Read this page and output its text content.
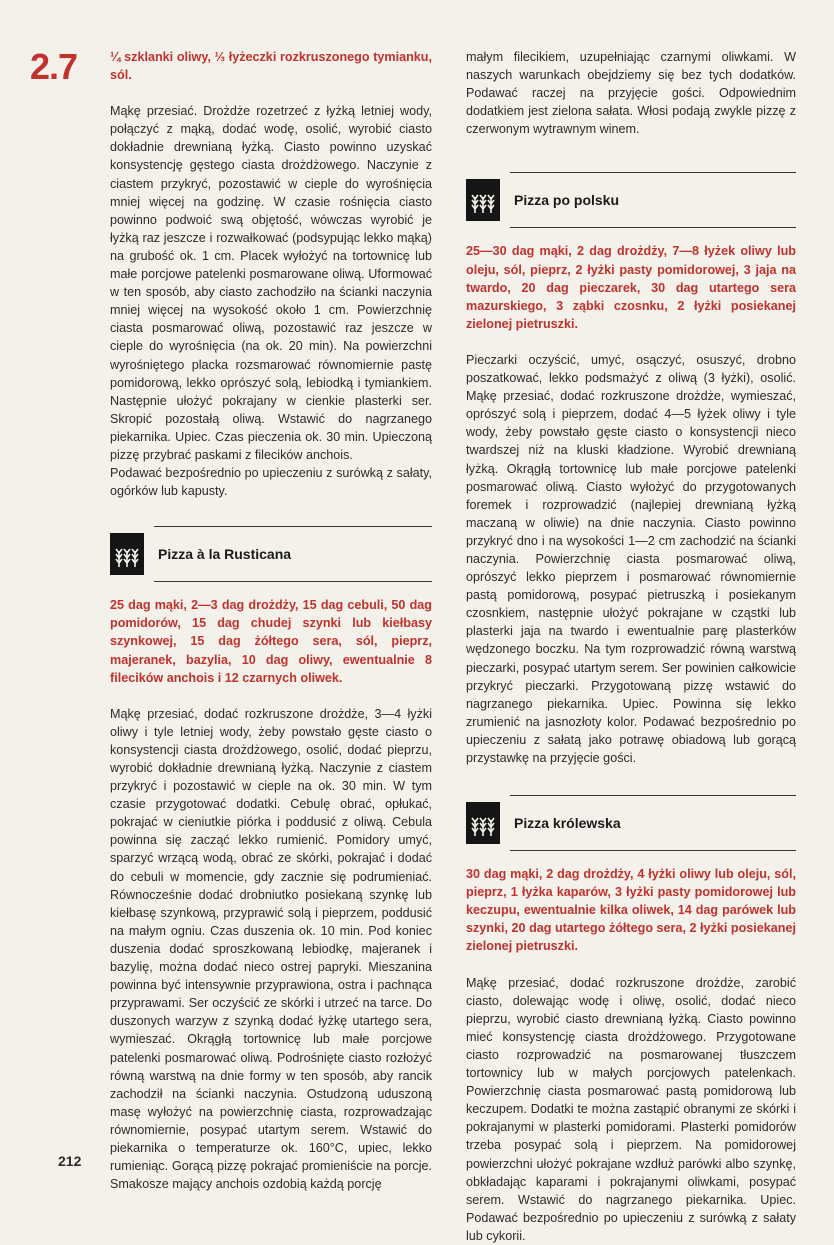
2.7
212

¼ szklanki oliwy, ⅓ łyżeczki rozkruszonego tymianku, sól.

Mąkę przesiać. Drożdże rozetrzeć z łyżką letniej wody, połączyć z mąką, dodać wodę, osolić, wyrobić ciasto dokładnie drewnianą łyżką. Ciasto powinno uzyskać konsystencję gęstego ciasta drożdżowego. Naczynie z ciastem przykryć, pozostawić w cieple do wyrośnięcia mniej więcej na godzinę. W czasie rośnięcia ciasto powinno podwoić swą objętość, wówczas wyrobić je łyżką raz jeszcze i rozwałkować (podsypując lekko mąką) na grubość ok. 1 cm. Placek wyłożyć na tortownicę lub małe porcjowe patelenki posmarowane oliwą. Uformować w ten sposób, aby ciasto zachodziło na ścianki naczynia mniej więcej na wysokość około 1 cm. Powierzchnię ciasta posmarować oliwą, pozostawić raz jeszcze w cieple do wyrośnięcia (na ok. 20 min). Na powierzchni wyrośniętego placka rozsmarować równomiernie pastę pomidorową, lekko oprószyć solą, lebiodką i tymiankiem. Następnie ułożyć pokrajany w cienkie plasterki ser. Skropić pozostałą oliwą. Wstawić do nagrzanego piekarnika. Upiec. Czas pieczenia ok. 30 min. Upieczoną pizzę przybrać paskami z filecików anchois.

Podawać bezpośrednio po upieczeniu z surówką z sałaty, ogórków lub kapusty.

Pizza à la Rusticana

25 dag mąki, 2—3 dag drożdży, 15 dag cebuli, 50 dag pomidorów, 15 dag chudej szynki lub kiełbasy szynkowej, 15 dag żółtego sera, sól, pieprz, majeranek, bazylia, 10 dag oliwy, ewentualnie 8 filecików anchois i 12 czarnych oliwek.

Mąkę przesiać, dodać rozkruszone drożdże, 3—4 łyżki oliwy i tyle letniej wody, żeby powstało gęste ciasto o konsystencji ciasta drożdżowego, osolić, dodać pieprzu, wyrobić dokładnie drewnianą łyżką. Naczynie z ciastem przykryć i pozostawić w cieple na ok. 30 min. W tym czasie przygotować dodatki. Cebulę obrać, opłukać, pokrajać w cieniutkie piórka i poddusić z oliwą. Cebula powinna się zacząć lekko rumienić. Pomidory umyć, sparzyć wrzącą wodą, obrać ze skórki, pokrajać i dodać do cebuli w momencie, gdy zacznie się podrumieniać. Równocześnie dodać drobniutko posiekaną szynkę lub kiełbasę szynkową, przyprawić solą i pieprzem, poddusić na małym ogniu. Czas duszenia ok. 10 min. Pod koniec duszenia dodać sproszkowaną lebiodkę, majeranek i bazylię, można dodać nieco ostrej papryki. Mieszanina powinna być intensywnie przyprawiona, ostra i pachnąca przyprawami. Ser oczyścić ze skórki i utrzeć na tarce. Do duszonych warzyw z szynką dodać łyżkę utartego sera, wymieszać. Okrągłą tortownicę lub małe porcjowe patelenki posmarować oliwą. Podrośnięte ciasto rozłożyć równą warstwą na dnie formy w ten sposób, aby rancik zachodził na ścianki naczynia. Ostudzoną uduszoną masę wyłożyć na powierzchnię ciasta, rozprowadzając równomiernie, posypać utartym serem. Wstawić do piekarnika o temperaturze ok. 160°C, upiec, lekko rumieniąc. Gorącą pizzę pokrajać promieniście na porcje. Smakosze mający anchois ozdobią każdą porcję

małym filecikiem, uzupełniając czarnymi oliwkami. W naszych warunkach obejdziemy się bez tych dodatków. Podawać raczej na przyjęcie gości. Odpowiednim dodatkiem jest zielona sałata. Włosi podają zwykle pizzę z czerwonym wytrawnym winem.

Pizza po polsku

25—30 dag mąki, 2 dag drożdży, 7—8 łyżek oliwy lub oleju, sól, pieprz, 2 łyżki pasty pomidorowej, 3 jaja na twardo, 20 dag pieczarek, 30 dag utartego sera mazurskiego, 3 ząbki czosnku, 2 łyżki posiekanej zielonej pietruszki.

Pieczarki oczyścić, umyć, osączyć, osuszyć, drobno poszatkować, lekko podsmażyć z oliwą (3 łyżki), osolić. Mąkę przesiać, dodać rozkruszone drożdże, wymieszać, oprószyć solą i pieprzem, dodać 4—5 łyżek oliwy i tyle wody, żeby powstało gęste ciasto o konsystencji nieco twardszej niż na kluski kładzione. Wyrobić drewnianą łyżką. Okrągłą tortownicę lub małe porcjowe patelenki posmarować oliwą. Ciasto wyłożyć do przygotowanych foremek i rozprowadzić (najlepiej drewnianą łyżką maczaną w oliwie) na dnie naczynia. Ciasto powinno przykryć dno i na wysokości 1—2 cm zachodzić na ścianki naczynia. Powierzchnię ciasta posmarować oliwą, oprószyć lekko pieprzem i posmarować równomiernie pastą pomidorową, posypać pietruszką i posiekanym czosnkiem, następnie ułożyć pokrajane w cząstki lub plasterki jaja na twardo i ewentualnie parę plasterków wędzonego boczku. Na tym rozprowadzić równą warstwą pieczarki, posypać utartym serem. Ser powinien całkowicie przykryć pieczarki. Przygotowaną pizzę wstawić do nagrzanego piekarnika. Upiec. Powinna się lekko zrumienić na jasnozłoty kolor. Podawać bezpośrednio po upieczeniu z sałatą jako potrawę obiadową lub gorącą przystawkę na przyjęcie gości.

Pizza królewska

30 dag mąki, 2 dag drożdży, 4 łyżki oliwy lub oleju, sól, pieprz, 1 łyżka kaparów, 3 łyżki pasty pomidorowej lub keczupu, ewentualnie kilka oliwek, 14 dag parówek lub szynki, 20 dag utartego żółtego sera, 2 łyżki posiekanej zielonej pietruszki.

Mąkę przesiać, dodać rozkruszone drożdże, zarobić ciasto, dolewając wodę i oliwę, osolić, dodać nieco pieprzu, wyrobić ciasto drewnianą łyżką. Ciasto powinno mieć konsystencję ciasta drożdżowego. Przygotowane ciasto rozprowadzić na posmarowanej tłuszczem tortownicy lub w małych porcjowych patelenkach. Powierzchnię ciasta posmarować pastą pomidorową lub keczupem. Dodatki te można zastąpić obranymi ze skórki i pokrajanymi w plasterki pomidorami. Plasterki pomidorów trzeba posypać solą i pieprzem. Na pomidorowej powierzchni ułożyć pokrajane wzdłuż parówki albo szynkę, obkładając kaparami i pokrajanymi oliwkami, posypać serem. Wstawić do nagrzanego piekarnika. Upiec. Podawać bezpośrednio po upieczeniu z surówką z sałaty lub cykorii.
